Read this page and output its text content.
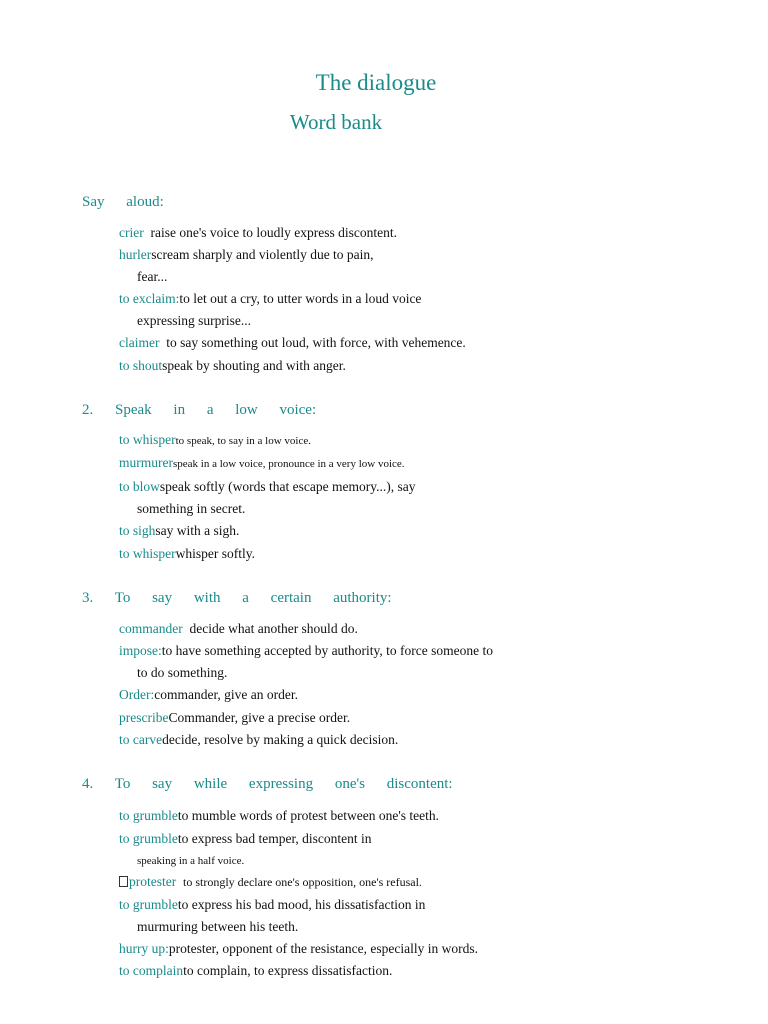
The dialogue
Word bank
Say aloud:
crier raise one's voice to loudly express discontent.
hurlerscream sharply and violently due to pain,
fear...
to exclaim:to let out a cry, to utter words in a loud voice
expressing surprise...
claimer to say something out loud, with force, with vehemence.
to shoutspeak by shouting and with anger.
2. Speak in a low voice:
to whisperto speak, to say in a low voice.
murmurerspeak in a low voice, pronounce in a very low voice.
to blowspeak softly (words that escape memory...), say
something in secret.
to sighsay with a sigh.
to whisperwhisper softly.
3. To say with a certain authority:
commander decide what another should do.
impose:to have something accepted by authority, to force someone to
to do something.
Order:commander, give an order.
prescribeCommander, give a precise order.
to carvedecide, resolve by making a quick decision.
4. To say while expressing one's discontent:
to grumbleto mumble words of protest between one's teeth.
to grumbleto express bad temper, discontent in
speaking in a half voice.
protester to strongly declare one's opposition, one's refusal.
to grumbleto express his bad mood, his dissatisfaction in
murmuring between his teeth.
hurry up:protester, opponent of the resistance, especially in words.
to complainto complain, to express dissatisfaction.
